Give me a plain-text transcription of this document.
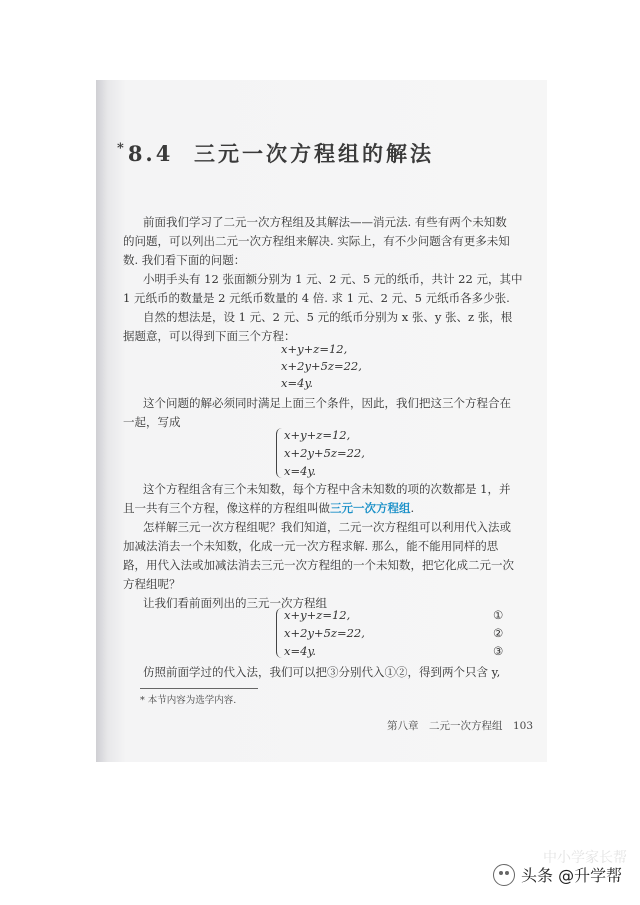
*8.4 三元一次方程组的解法
前面我们学习了二元一次方程组及其解法——消元法. 有些有两个未知数
的问题，可以列出二元一次方程组来解决. 实际上，有不少问题含有更多未知
数. 我们看下面的问题：
小明手头有 12 张面额分别为 1 元、2 元、5 元的纸币，共计 22 元，其中
1 元纸币的数量是 2 元纸币数量的 4 倍. 求 1 元、2 元、5 元纸币各多少张.
自然的想法是，设 1 元、2 元、5 元的纸币分别为 x 张、y 张、z 张，根
据题意，可以得到下面三个方程：
x+y+z=12,
x+2y+5z=22,
x=4y.
这个问题的解必须同时满足上面三个条件，因此，我们把这三个方程合在
一起，写成
x+y+z=12,
x+2y+5z=22,
x=4y.
这个方程组含有三个未知数，每个方程中含未知数的项的次数都是 1，并
且一共有三个方程，像这样的方程组叫做三元一次方程组.
怎样解三元一次方程组呢？我们知道，二元一次方程组可以利用代入法或
加减法消去一个未知数，化成一元一次方程求解. 那么，能不能用同样的思
路，用代入法或加减法消去三元一次方程组的一个未知数，把它化成二元一次
方程组呢？
让我们看前面列出的三元一次方程组
x+y+z=12,
x+2y+5z=22,
x=4y.
①
②
③
仿照前面学过的代入法，我们可以把③分别代入①②，得到两个只含 y,
* 本节内容为选学内容.
第八章　二元一次方程组　103
中小学家长帮
头条 @升学帮
